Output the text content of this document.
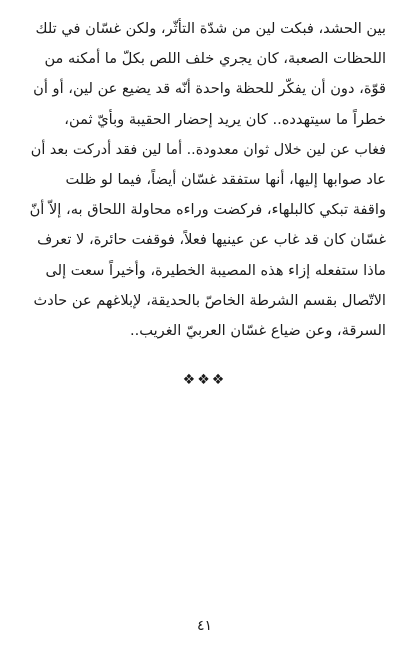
بين الحشد، فبكت لين من شدّة التأثّر، ولكن غسّان في تلك
اللحظات الصعبة، كان يجري خلف اللص بكلّ ما أمكنه من
قوّة، دون أن يفكّر للحظة واحدة أنّه قد يضيع عن لين، أو أن
خطراً ما سيتهدده.. كان يريد إحضار الحقيبة وبأيّ ثمن،
فغاب عن لين خلال ثوان معدودة.. أما لين فقد أدركت بعد أن
عاد صوابها إليها، أنها ستفقد غسّان أيضاً، فيما لو ظلت
واقفة تبكي كالبلهاء، فركضت وراءه محاولة اللحاق به، إلاّ أنّ
غسّان كان قد غاب عن عينيها فعلاً، فوقفت حائرة، لا تعرف
ماذا ستفعله إزاء هذه المصيبة الخطيرة، وأخيراً سعت إلى
الاتّصال بقسم الشرطة الخاصّ بالحديقة، لإبلاغهم عن حادث
السرقة، وعن ضياع غسّان العربيّ الغريب..
❖❖❖
٤١
